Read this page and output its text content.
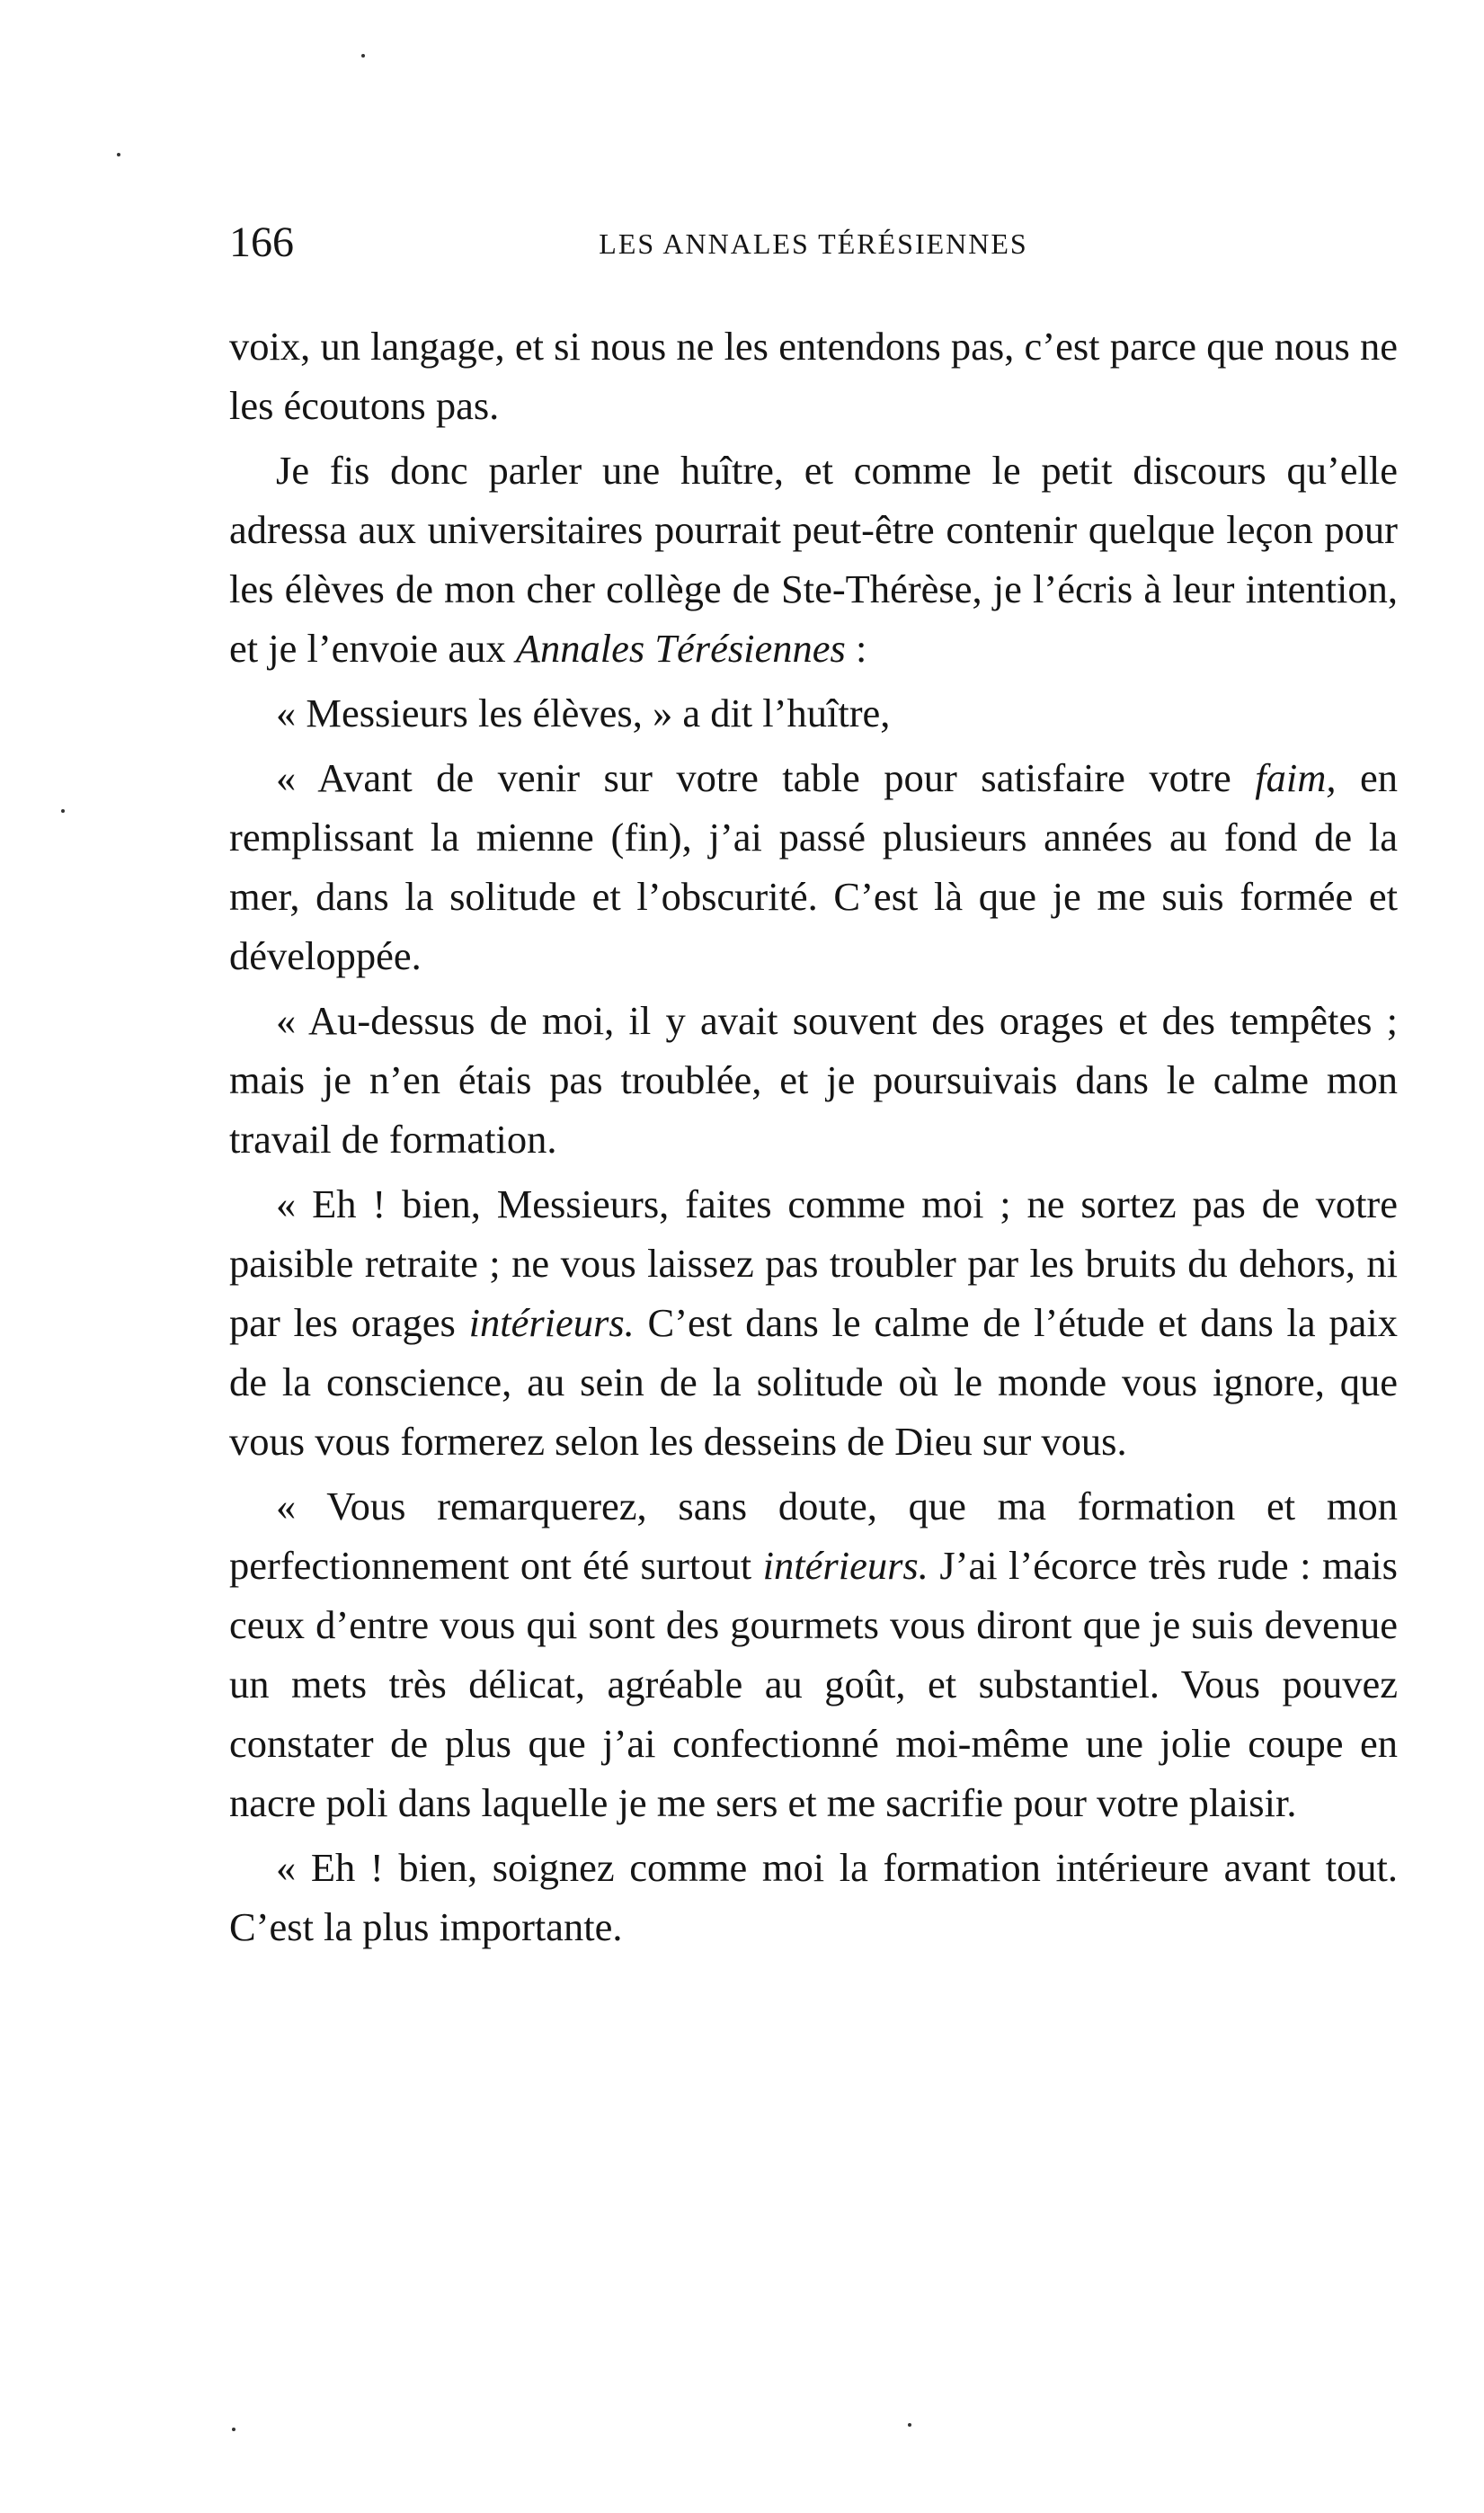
166	LES ANNALES TÉRÉSIENNES

voix, un langage, et si nous ne les entendons pas, c’est parce que nous ne les écoutons pas.

Je fis donc parler une huître, et comme le petit discours qu’elle adressa aux universitaires pourrait peut-être contenir quelque leçon pour les élèves de mon cher collège de Ste-Thérèse, je l’écris à leur intention, et je l’envoie aux Annales Térésiennes :

« Messieurs les élèves, » a dit l’huître,

« Avant de venir sur votre table pour satisfaire votre faim, en remplissant la mienne (fin), j’ai passé plusieurs années au fond de la mer, dans la solitude et l’obscurité. C’est là que je me suis formée et développée.

« Au-dessus de moi, il y avait souvent des orages et des tempêtes ; mais je n’en étais pas troublée, et je poursuivais dans le calme mon travail de formation.

« Eh ! bien, Messieurs, faites comme moi ; ne sortez pas de votre paisible retraite ; ne vous laissez pas troubler par les bruits du dehors, ni par les orages intérieurs. C’est dans le calme de l’étude et dans la paix de la conscience, au sein de la solitude où le monde vous ignore, que vous vous formerez selon les desseins de Dieu sur vous.

« Vous remarquerez, sans doute, que ma formation et mon perfectionnement ont été surtout intérieurs. J’ai l’écorce très rude : mais ceux d’entre vous qui sont des gourmets vous diront que je suis devenue un mets très délicat, agréable au goût, et substantiel. Vous pouvez constater de plus que j’ai confectionné moi-même une jolie coupe en nacre poli dans laquelle je me sers et me sacrifie pour votre plaisir.

« Eh ! bien, soignez comme moi la formation intérieure avant tout. C’est la plus importante.
